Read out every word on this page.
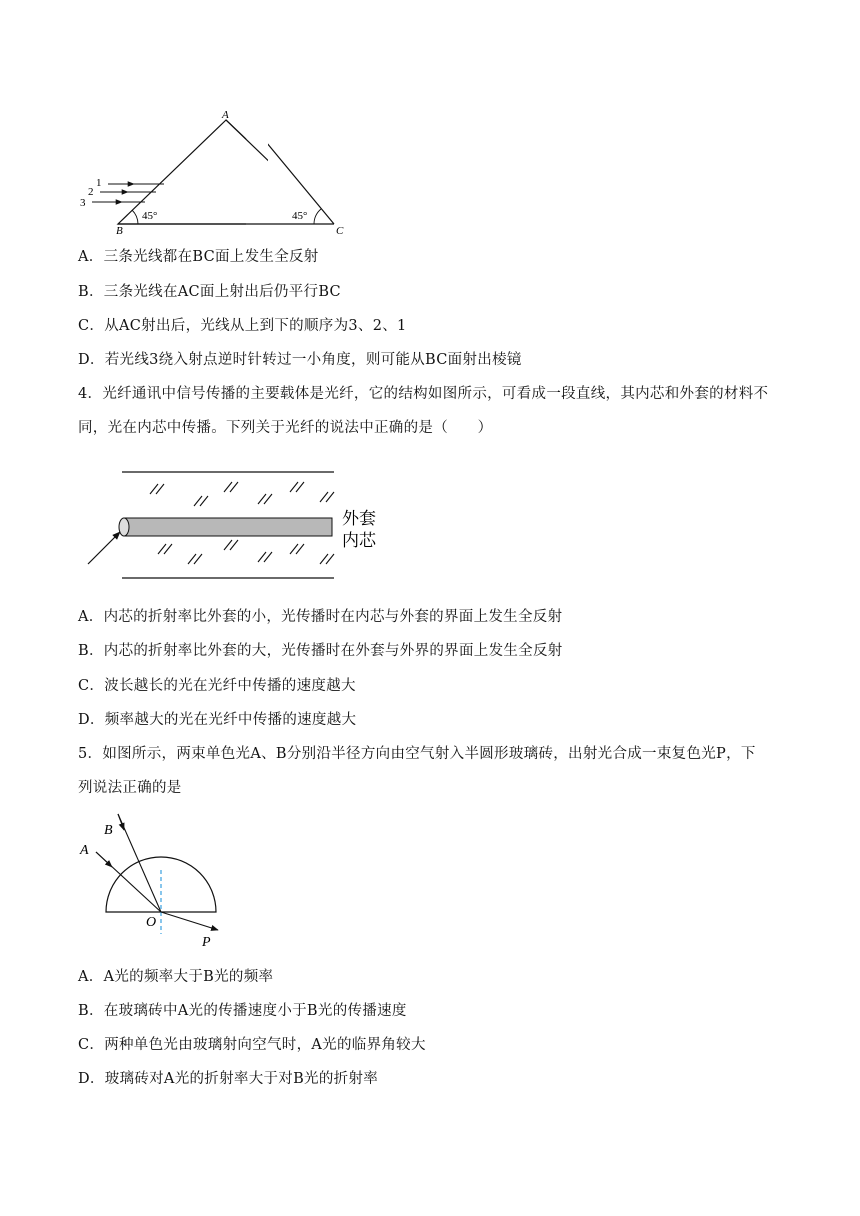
A
B
45°
1
2
3
45°
C
A．三条光线都在BC面上发生全反射
B．三条光线在AC面上射出后仍平行BC
C．从AC射出后，光线从上到下的顺序为3、2、1
D．若光线3绕入射点逆时针转过一小角度，则可能从BC面射出棱镜
4．光纤通讯中信号传播的主要载体是光纤，它的结构如图所示，可看成一段直线，其内芯和外套的材料不
同，光在内芯中传播。下列关于光纤的说法中正确的是（　　）
外套
内芯
A．内芯的折射率比外套的小，光传播时在内芯与外套的界面上发生全反射
B．内芯的折射率比外套的大，光传播时在外套与外界的界面上发生全反射
C．波长越长的光在光纤中传播的速度越大
D．频率越大的光在光纤中传播的速度越大
5．如图所示，两束单色光A、B分别沿半径方向由空气射入半圆形玻璃砖，出射光合成一束复色光P，下
列说法正确的是
B
A
O
P
A．A光的频率大于B光的频率
B．在玻璃砖中A光的传播速度小于B光的传播速度
C．两种单色光由玻璃射向空气时，A光的临界角较大
D．玻璃砖对A光的折射率大于对B光的折射率
